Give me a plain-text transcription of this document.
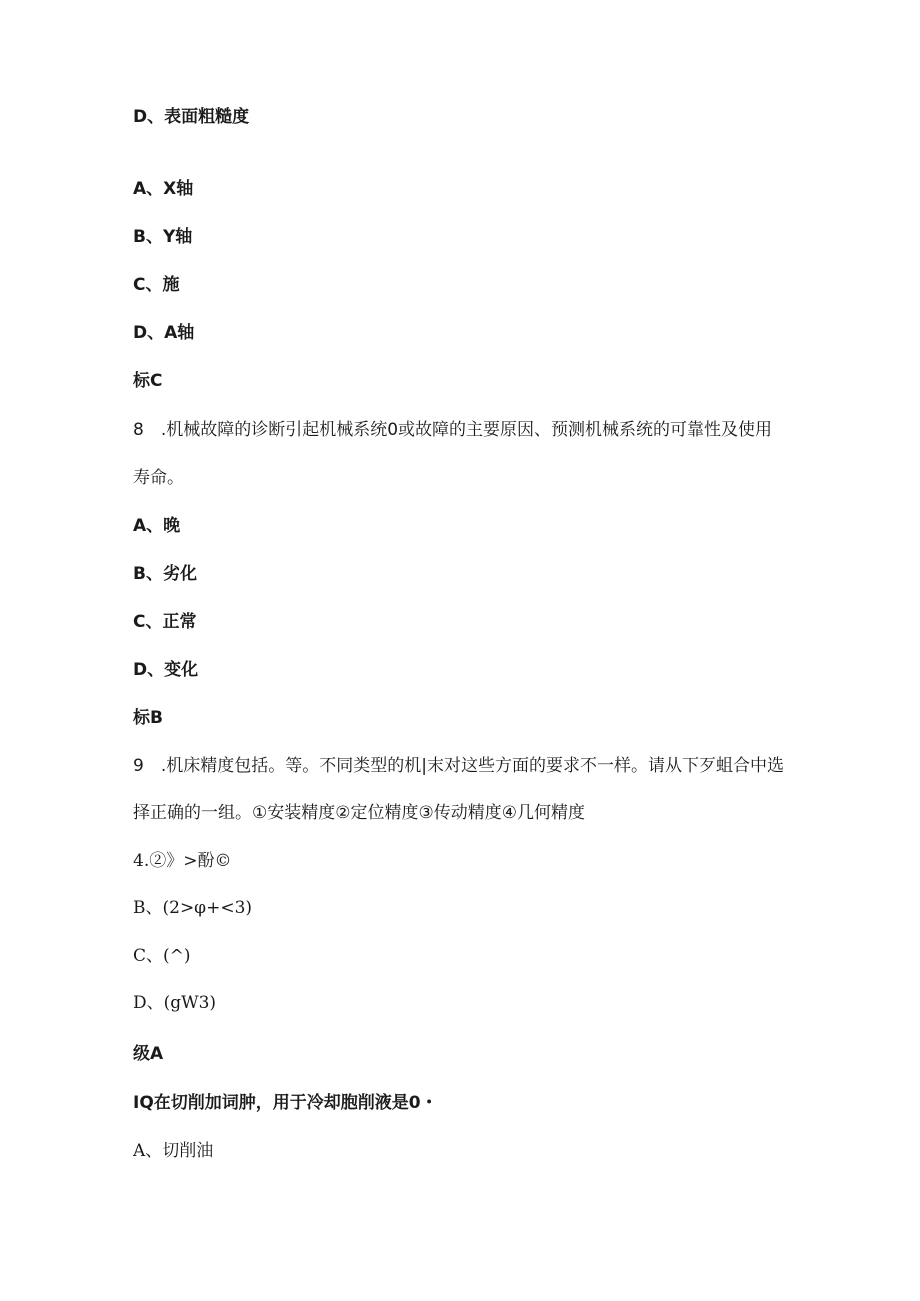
D、表面粗糙度
A、X轴
B、Y轴
C、施
D、A轴
标C
8　.机械故障的诊断引起机械系统0或故障的主要原因、预测机械系统的可靠性及使用
寿命。
A、晚
B、劣化
C、正常
D、变化
标B
9　.机床精度包括。等。不同类型的机|末对这些方面的要求不一样。请从下歹蛆合中选
择正确的一组。①安装精度②定位精度③传动精度④几何精度
4.②》>酚©
B、(2>φ+<3)
C、(^)
D、(gW3)
级A
IQ在切削加词肿，用于冷却胞削液是0・
A、切削油
